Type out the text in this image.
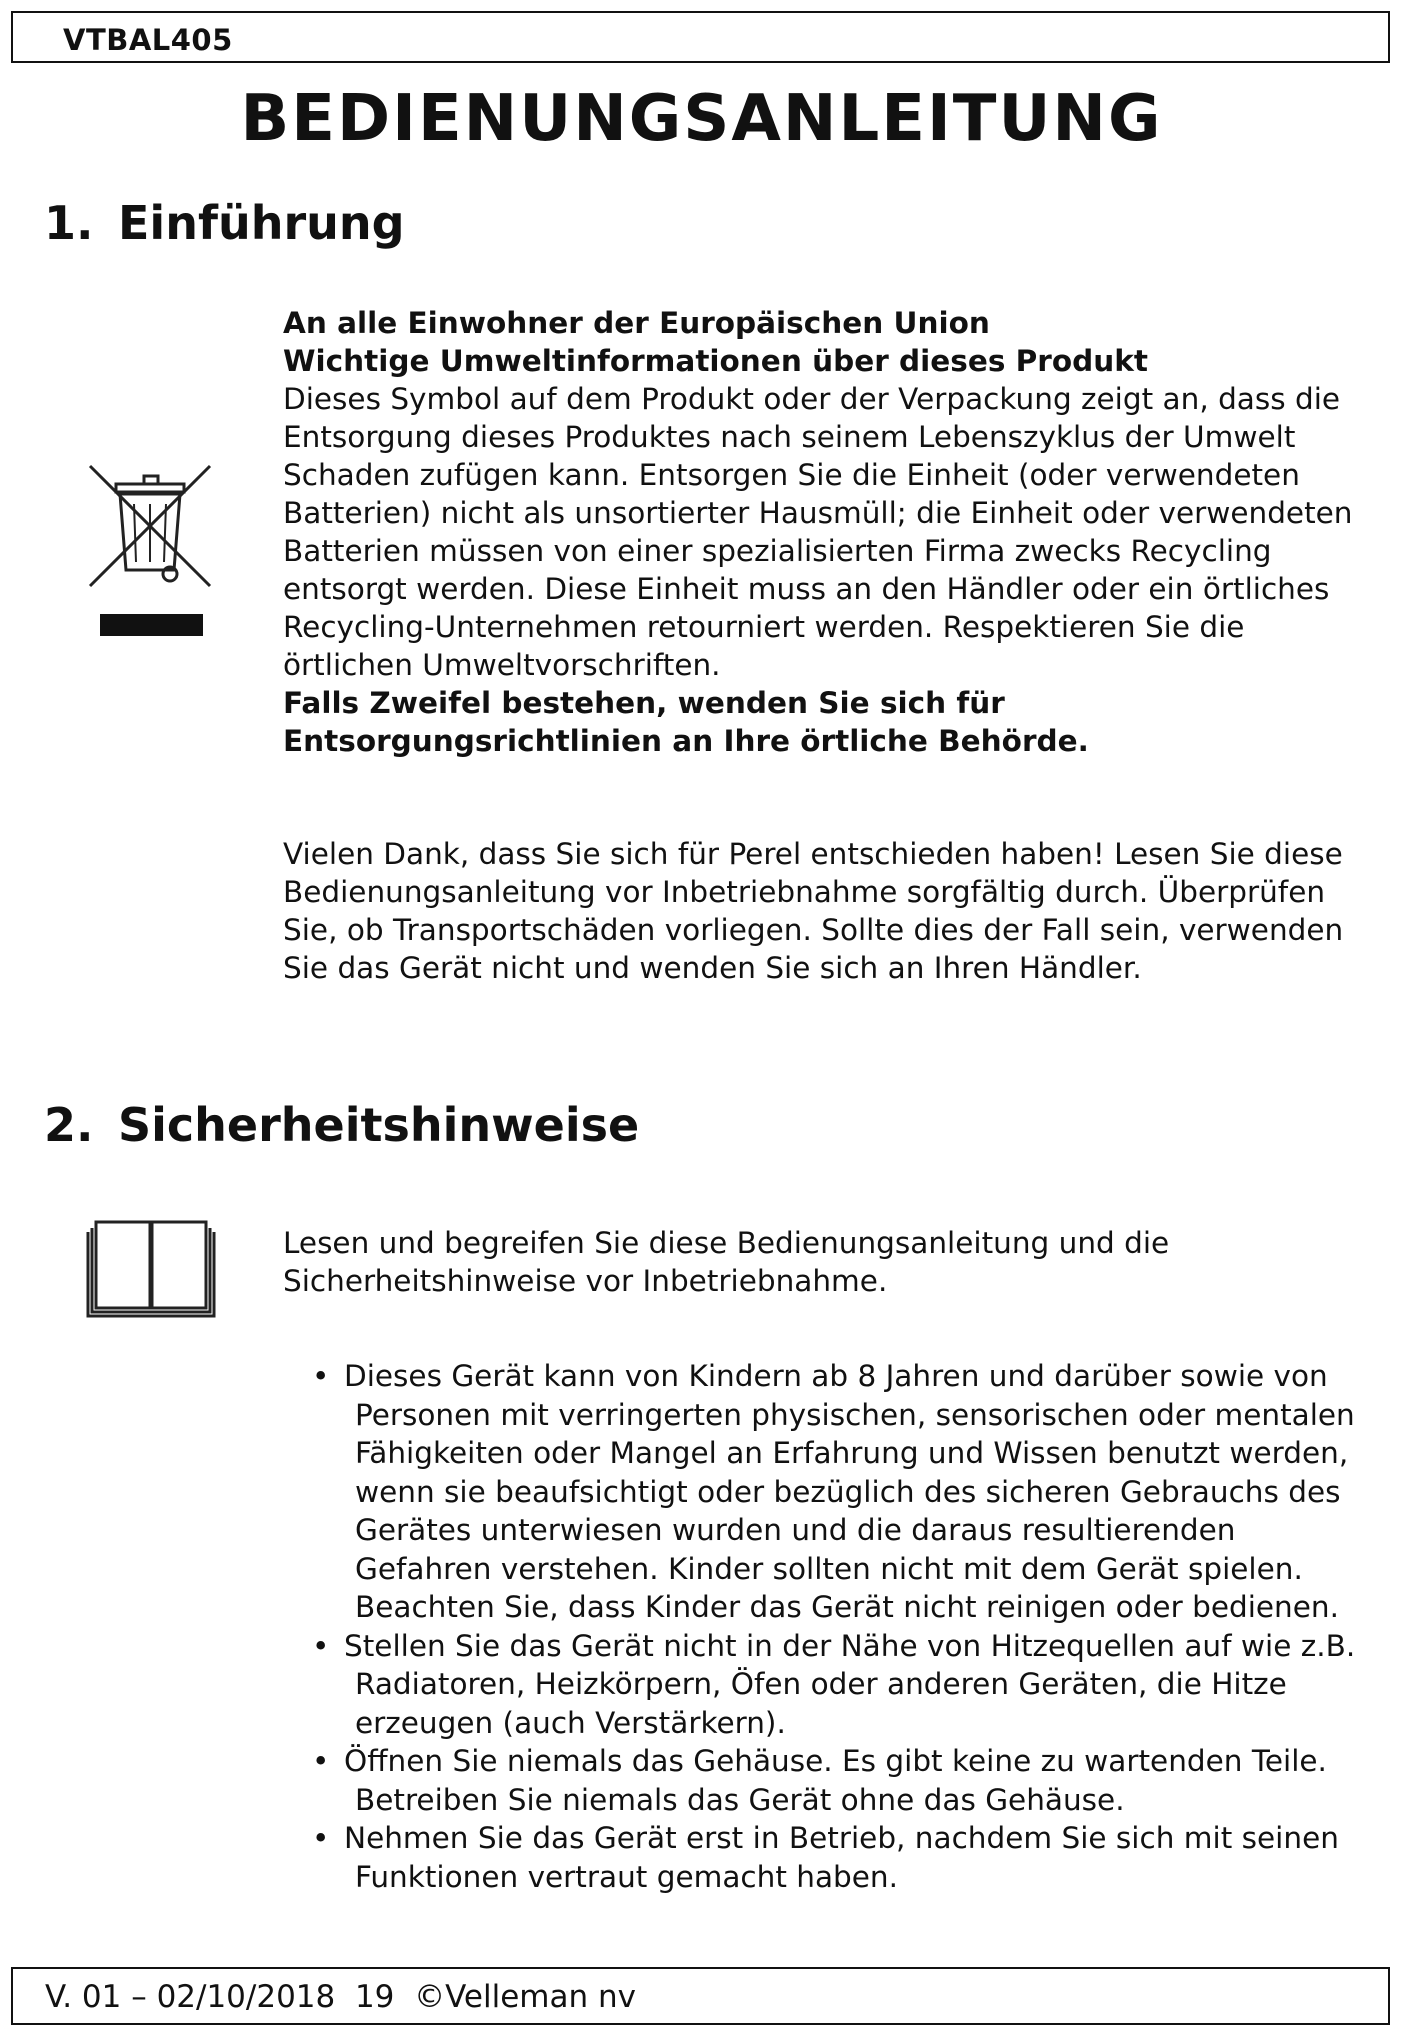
VTBAL405
BEDIENUNGSANLEITUNG
1. Einführung

An alle Einwohner der Europäischen Union

Wichtige Umweltinformationen über dieses Produkt

Dieses Symbol auf dem Produkt oder der Verpackung zeigt an, dass die Entsorgung dieses Produktes nach seinem Lebenszyklus der Umwelt Schaden zufügen kann. Entsorgen Sie die Einheit (oder verwendeten Batterien) nicht als unsortierter Hausmüll; die Einheit oder verwendeten Batterien müssen von einer spezialisierten Firma zwecks Recycling entsorgt werden. Diese Einheit muss an den Händler oder ein örtliches Recycling-Unternehmen retourniert werden. Respektieren Sie die örtlichen Umweltvorschriften.

Falls Zweifel bestehen, wenden Sie sich für Entsorgungsrichtlinien an Ihre örtliche Behörde.

Vielen Dank, dass Sie sich für Perel entschieden haben! Lesen Sie diese Bedienungsanleitung vor Inbetriebnahme sorgfältig durch. Überprüfen Sie, ob Transportschäden vorliegen. Sollte dies der Fall sein, verwenden Sie das Gerät nicht und wenden Sie sich an Ihren Händler.

2. Sicherheitshinweise

Lesen und begreifen Sie diese Bedienungsanleitung und die Sicherheitshinweise vor Inbetriebnahme.

• Dieses Gerät kann von Kindern ab 8 Jahren und darüber sowie von Personen mit verringerten physischen, sensorischen oder mentalen Fähigkeiten oder Mangel an Erfahrung und Wissen benutzt werden, wenn sie beaufsichtigt oder bezüglich des sicheren Gebrauchs des Gerätes unterwiesen wurden und die daraus resultierenden Gefahren verstehen. Kinder sollten nicht mit dem Gerät spielen. Beachten Sie, dass Kinder das Gerät nicht reinigen oder bedienen.
• Stellen Sie das Gerät nicht in der Nähe von Hitzequellen auf wie z.B. Radiatoren, Heizkörpern, Öfen oder anderen Geräten, die Hitze erzeugen (auch Verstärkern).
• Öffnen Sie niemals das Gehäuse. Es gibt keine zu wartenden Teile. Betreiben Sie niemals das Gerät ohne das Gehäuse.
• Nehmen Sie das Gerät erst in Betrieb, nachdem Sie sich mit seinen Funktionen vertraut gemacht haben.
V. 01 – 02/10/2018  19  ©Velleman nv
